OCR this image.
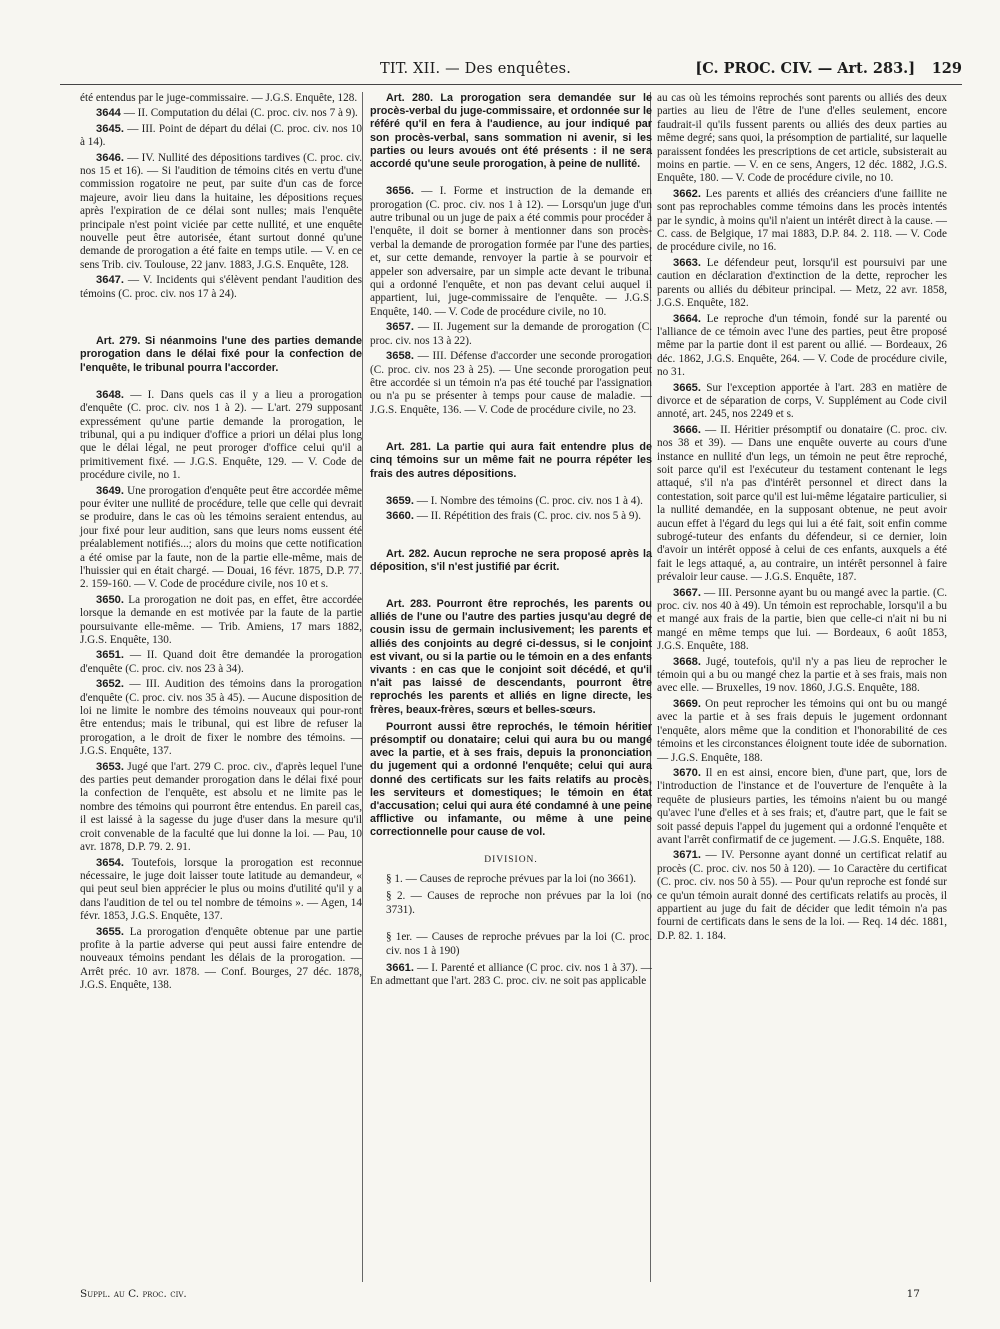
TIT. XII. — Des enquêtes.	[C. PROC. CIV. — Art. 283.] 129

été entendus par le juge-commissaire. — J.G.S. Enquête, 128.

3644 — II. Computation du délai (C. proc. civ. nos 7 à 9).

3645. — III. Point de départ du délai (C. proc. civ. nos 10 à 14).

3646. — IV. Nullité des dépositions tardives (C. proc. civ. nos 15 et 16). — Si l'audition de témoins cités en vertu d'une commission rogatoire ne peut, par suite d'un cas de force majeure, avoir lieu dans la huitaine, les dépositions reçues après l'expiration de ce délai sont nulles; mais l'enquête principale n'est point viciée par cette nullité, et une enquête nouvelle peut être autorisée, étant surtout donné qu'une demande de prorogation a été faite en temps utile. — V. en ce sens Trib. civ. Toulouse, 22 janv. 1883, J.G.S. Enquête, 128.

3647. — V. Incidents qui s'élèvent pendant l'audition des témoins (C. proc. civ. nos 17 à 24).

Art. 279. Si néanmoins l'une des parties demande prorogation dans le délai fixé pour la confection de l'enquête, le tribunal pourra l'accorder.

3648. — I. Dans quels cas il y a lieu a prorogation d'enquête (C. proc. civ. nos 1 à 2). — L'art. 279 supposant expressément qu'une partie demande la prorogation, le tribunal, qui a pu indiquer d'office a priori un délai plus long que le délai légal, ne peut proroger d'office celui qu'il a primitivement fixé. — J.G.S. Enquête, 129. — V. Code de procédure civile, no 1.

3649. Une prorogation d'enquête peut être accordée même pour éviter une nullité de procédure, telle que celle qui devrait se produire, dans le cas où les témoins seraient entendus, au jour fixé pour leur audition, sans que leurs noms eussent été préalablement notifiés...; alors du moins que cette notification a été omise par la faute, non de la partie elle-même, mais de l'huissier qui en était chargé. — Douai, 16 févr. 1875, D.P. 77. 2. 159-160. — V. Code de procédure civile, nos 10 et s.

3650. La prorogation ne doit pas, en effet, être accordée lorsque la demande en est motivée par la faute de la partie poursuivante elle-même. — Trib. Amiens, 17 mars 1882, J.G.S. Enquête, 130.

3651. — II. Quand doit être demandée la prorogation d'enquête (C. proc. civ. nos 23 à 34).

3652. — III. Audition des témoins dans la prorogation d'enquête (C. proc. civ. nos 35 à 45). — Aucune disposition de loi ne limite le nombre des témoins nouveaux qui pour-ront être entendus; mais le tribunal, qui est libre de refuser la prorogation, a le droit de fixer le nombre des témoins. — J.G.S. Enquête, 137.

3653. Jugé que l'art. 279 C. proc. civ., d'après lequel l'une des parties peut demander prorogation dans le délai fixé pour la confection de l'enquête, est absolu et ne limite pas le nombre des témoins qui pourront être entendus. En pareil cas, il est laissé à la sagesse du juge d'user dans la mesure qu'il croit convenable de la faculté que lui donne la loi. — Pau, 10 avr. 1878, D.P. 79. 2. 91.

3654. Toutefois, lorsque la prorogation est reconnue nécessaire, le juge doit laisser toute latitude au demandeur, « qui peut seul bien apprécier le plus ou moins d'utilité qu'il y a dans l'audition de tel ou tel nombre de témoins ». — Agen, 14 févr. 1853, J.G.S. Enquête, 137.

3655. La prorogation d'enquête obtenue par une partie profite à la partie adverse qui peut aussi faire entendre de nouveaux témoins pendant les délais de la prorogation. — Arrêt préc. 10 avr. 1878. — Conf. Bourges, 27 déc. 1878, J.G.S. Enquête, 138.

Art. 280. La prorogation sera demandée sur le procès-verbal du juge-commissaire, et ordonnée sur le référé qu'il en fera à l'audience, au jour indiqué par son procès-verbal, sans sommation ni avenir, si les parties ou leurs avoués ont été présents : il ne sera accordé qu'une seule prorogation, à peine de nullité.

3656. — I. Forme et instruction de la demande en prorogation (C. proc. civ. nos 1 à 12). — Lorsqu'un juge d'un autre tribunal ou un juge de paix a été commis pour procéder à l'enquête, il doit se borner à mentionner dans son procès-verbal la demande de prorogation formée par l'une des parties, et, sur cette demande, renvoyer la partie à se pourvoir et appeler son adversaire, par un simple acte devant le tribunal qui a ordonné l'enquête, et non pas devant celui auquel il appartient, lui, juge-commissaire de l'enquête. — J.G.S. Enquête, 140. — V. Code de procédure civile, no 10.

3657. — II. Jugement sur la demande de prorogation (C. proc. civ. nos 13 à 22).

3658. — III. Défense d'accorder une seconde prorogation (C. proc. civ. nos 23 à 25). — Une seconde prorogation peut être accordée si un témoin n'a pas été touché par l'assignation ou n'a pu se présenter à temps pour cause de maladie. — J.G.S. Enquête, 136. — V. Code de procédure civile, no 23.

Art. 281. La partie qui aura fait entendre plus de cinq témoins sur un même fait ne pourra répéter les frais des autres dépositions.

3659. — I. Nombre des témoins (C. proc. civ. nos 1 à 4).

3660. — II. Répétition des frais (C. proc. civ. nos 5 à 9).

Art. 282. Aucun reproche ne sera proposé après la déposition, s'il n'est justifié par écrit.
Art. 283. Pourront être reprochés, les parents ou alliés de l'une ou l'autre des parties jusqu'au degré de cousin issu de germain inclusivement; les parents et alliés des conjoints au degré ci-dessus, si le conjoint est vivant, ou si la partie ou le témoin en a des enfants vivants : en cas que le conjoint soit décédé, et qu'il n'ait pas laissé de descendants, pourront être reprochés les parents et alliés en ligne directe, les frères, beaux-frères, sœurs et belles-sœurs.
Pourront aussi être reprochés, le témoin héritier présomptif ou donataire; celui qui aura bu ou mangé avec la partie, et à ses frais, depuis la prononciation du jugement qui a ordonné l'enquête; celui qui aura donné des certificats sur les faits relatifs au procès, les serviteurs et domestiques; le témoin en état d'accusation; celui qui aura été condamné à une peine afflictive ou infamante, ou même à une peine correctionnelle pour cause de vol.
DIVISION.
§ 1. — Causes de reproche prévues par la loi (no 3661).
§ 2. — Causes de reproche non prévues par la loi (no 3731).
§ 1er. — Causes de reproche prévues par la loi (C. proc. civ. nos 1 à 190)

3661. — I. Parenté et alliance (C proc. civ. nos 1 à 37). — En admettant que l'art. 283 C. proc. civ. ne soit pas applicable

au cas où les témoins reprochés sont parents ou alliés des deux parties au lieu de l'être de l'une d'elles seulement, encore faudrait-il qu'ils fussent parents ou alliés des deux parties au même degré; sans quoi, la présomption de partialité, sur laquelle paraissent fondées les prescriptions de cet article, subsisterait au moins en partie. — V. en ce sens, Angers, 12 déc. 1882, J.G.S. Enquête, 180. — V. Code de procédure civile, no 10.

3662. Les parents et alliés des créanciers d'une faillite ne sont pas reprochables comme témoins dans les procès intentés par le syndic, à moins qu'il n'aient un intérêt direct à la cause. — C. cass. de Belgique, 17 mai 1883, D.P. 84. 2. 118. — V. Code de procédure civile, no 16.

3663. Le défendeur peut, lorsqu'il est poursuivi par une caution en déclaration d'extinction de la dette, reprocher les parents ou alliés du débiteur principal. — Metz, 22 avr. 1858, J.G.S. Enquête, 182.

3664. Le reproche d'un témoin, fondé sur la parenté ou l'alliance de ce témoin avec l'une des parties, peut être proposé même par la partie dont il est parent ou allié. — Bordeaux, 26 déc. 1862, J.G.S. Enquête, 264. — V. Code de procédure civile, no 31.

3665. Sur l'exception apportée à l'art. 283 en matière de divorce et de séparation de corps, V. Supplément au Code civil annoté, art. 245, nos 2249 et s.

3666. — II. Héritier présomptif ou donataire (C. proc. civ. nos 38 et 39). — Dans une enquête ouverte au cours d'une instance en nullité d'un legs, un témoin ne peut être reproché, soit parce qu'il est l'exécuteur du testament contenant le legs attaqué, s'il n'a pas d'intérêt personnel et direct dans la contestation, soit parce qu'il est lui-même légataire particulier, si la nullité demandée, en la supposant obtenue, ne peut avoir aucun effet à l'égard du legs qui lui a été fait, soit enfin comme subrogé-tuteur des enfants du défendeur, si ce dernier, loin d'avoir un intérêt opposé à celui de ces enfants, auxquels a été fait le legs attaqué, a, au contraire, un intérêt personnel à faire prévaloir leur cause. — J.G.S. Enquête, 187.

3667. — III. Personne ayant bu ou mangé avec la partie. (C. proc. civ. nos 40 à 49). Un témoin est reprochable, lorsqu'il a bu et mangé aux frais de la partie, bien que celle-ci n'ait ni bu ni mangé en même temps que lui. — Bordeaux, 6 août 1853, J.G.S. Enquête, 188.

3668. Jugé, toutefois, qu'il n'y a pas lieu de reprocher le témoin qui a bu ou mangé chez la partie et à ses frais, mais non avec elle. — Bruxelles, 19 nov. 1860, J.G.S. Enquête, 188.

3669. On peut reprocher les témoins qui ont bu ou mangé avec la partie et à ses frais depuis le jugement ordonnant l'enquête, alors même que la condition et l'honorabilité de ces témoins et les circonstances éloignent toute idée de subornation. — J.G.S. Enquête, 188.

3670. Il en est ainsi, encore bien, d'une part, que, lors de l'introduction de l'instance et de l'ouverture de l'enquête à la requête de plusieurs parties, les témoins n'aient bu ou mangé qu'avec l'une d'elles et à ses frais; et, d'autre part, que le fait se soit passé depuis l'appel du jugement qui a ordonné l'enquête et avant l'arrêt confirmatif de ce jugement. — J.G.S. Enquête, 188.

3671. — IV. Personne ayant donné un certificat relatif au procès (C. proc. civ. nos 50 à 120). — 1o Caractère du certificat (C. proc. civ. nos 50 à 55). — Pour qu'un reproche est fondé sur ce qu'un témoin aurait donné des certificats relatifs au procès, il appartient au juge du fait de décider que ledit témoin n'a pas fourni de certificats dans le sens de la loi. — Req. 14 déc. 1881, D.P. 82. 1. 184.

Suppl. au C. proc. civ.	17
